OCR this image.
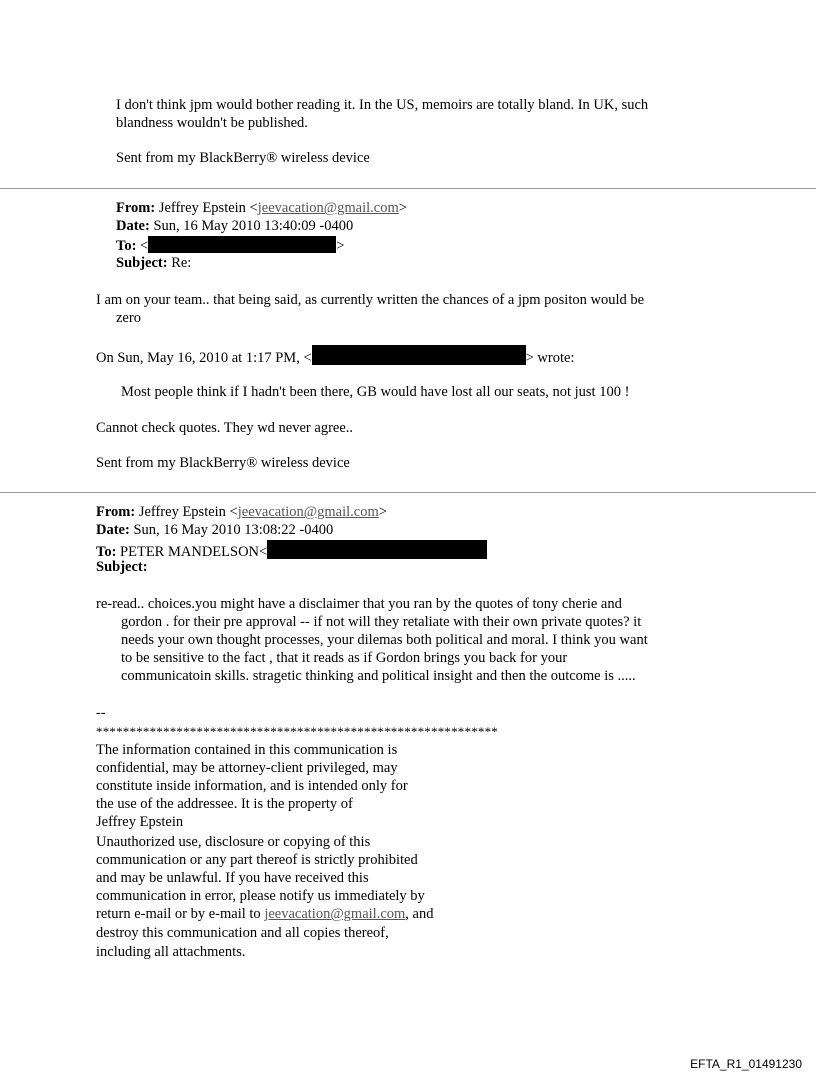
I don't think jpm would bother reading it. In the US, memoirs are totally bland. In UK, such
blandness wouldn't be published.
Sent from my BlackBerry® wireless device
From: Jeffrey Epstein <jeevacation@gmail.com>
Date: Sun, 16 May 2010 13:40:09 -0400
To: <	>
Subject: Re:
I am on your team.. that being said, as currently written the chances of a jpm positon would be
zero
On Sun, May 16, 2010 at 1:17 PM, <	> wrote:
Most people think if I hadn't been there, GB would have lost all our seats, not just 100 !
Cannot check quotes. They wd never agree..
Sent from my BlackBerry® wireless device
From: Jeffrey Epstein <jeevacation@gmail.com>
Date: Sun, 16 May 2010 13:08:22 -0400
To: PETER MANDELSON<
Subject:
re-read.. choices.you might have a disclaimer that you ran by the quotes of tony cherie and
gordon . for their pre approval -- if not will they retaliate with their own private quotes? it
needs your own thought processes, your dilemas both political and moral. I think you want
to be sensitive to the fact , that it reads as if Gordon brings you back for your
communicatoin skills. stragetic thinking and political insight and then the outcome is .....
--
************************************************************
The information contained in this communication is
confidential, may be attorney-client privileged, may
constitute inside information, and is intended only for
the use of the addressee. It is the property of
Jeffrey Epstein
Unauthorized use, disclosure or copying of this
communication or any part thereof is strictly prohibited
and may be unlawful. If you have received this
communication in error, please notify us immediately by
return e-mail or by e-mail to jeevacation@gmail.com, and
destroy this communication and all copies thereof,
including all attachments.
EFTA_R1_01491230
